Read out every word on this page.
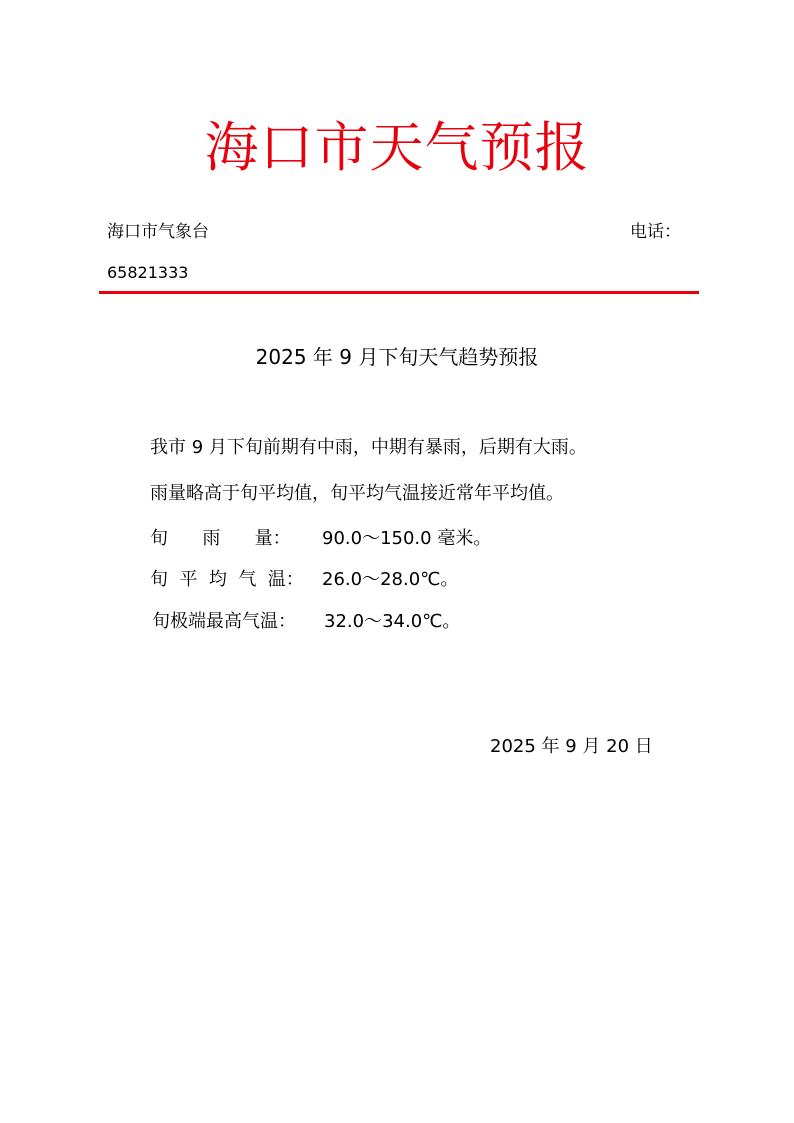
海口市天气预报
海口市气象台	电话：
65821333
2025 年 9 月下旬天气趋势预报
我市 9 月下旬前期有中雨，中期有暴雨，后期有大雨。
雨量略高于旬平均值，旬平均气温接近常年平均值。
旬      雨      量： 90.0～150.0 毫米。
旬  平  均  气  温： 26.0～28.0℃。
旬极端最高气温： 32.0～34.0℃。
2025 年 9 月 20 日
